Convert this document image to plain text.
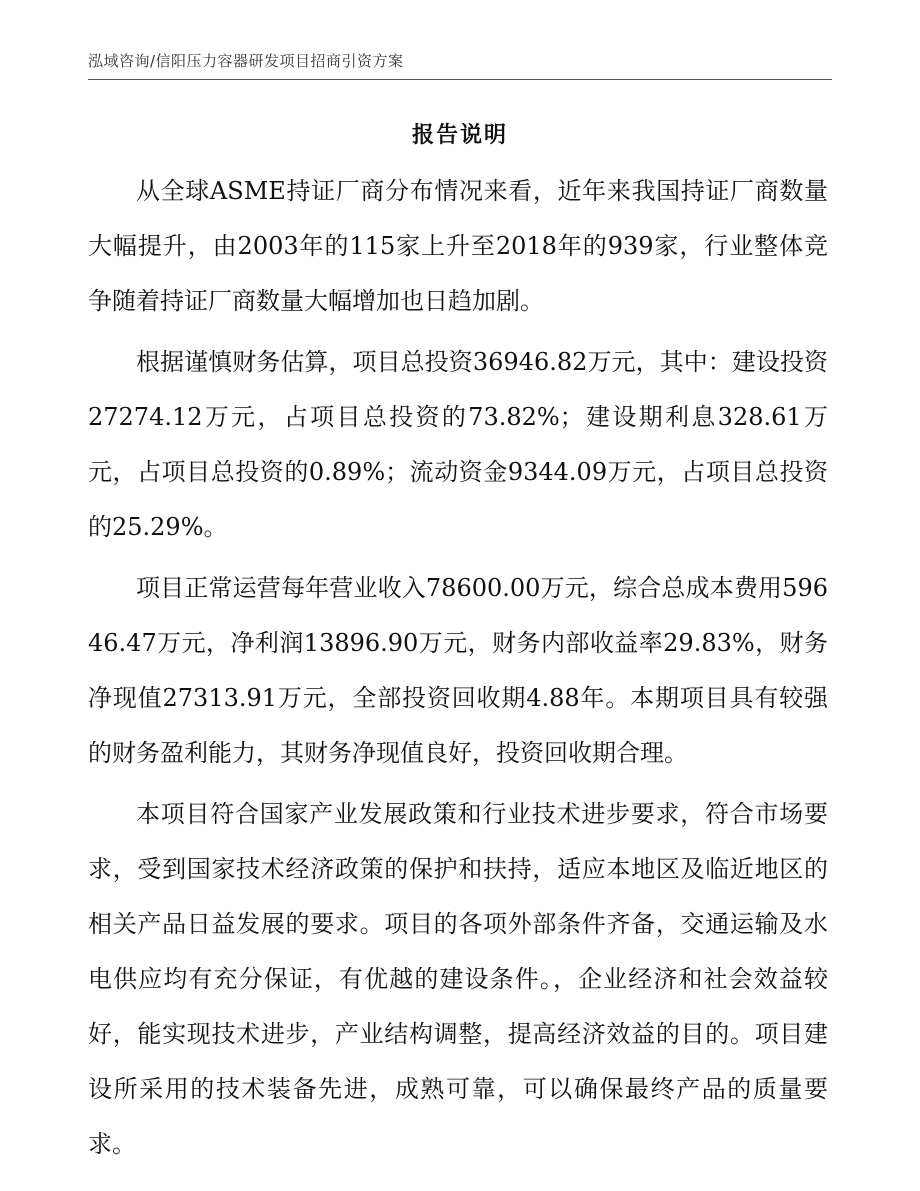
泓域咨询/信阳压力容器研发项目招商引资方案
报告说明

从全球ASME持证厂商分布情况来看，近年来我国持证厂商数量大幅提升，由2003年的115家上升至2018年的939家，行业整体竞争随着持证厂商数量大幅增加也日趋加剧。

根据谨慎财务估算，项目总投资36946.82万元，其中：建设投资27274.12万元，占项目总投资的73.82%；建设期利息328.61万元，占项目总投资的0.89%；流动资金9344.09万元，占项目总投资的25.29%。

项目正常运营每年营业收入78600.00万元，综合总成本费用59646.47万元，净利润13896.90万元，财务内部收益率29.83%，财务净现值27313.91万元，全部投资回收期4.88年。本期项目具有较强的财务盈利能力，其财务净现值良好，投资回收期合理。

本项目符合国家产业发展政策和行业技术进步要求，符合市场要求，受到国家技术经济政策的保护和扶持，适应本地区及临近地区的相关产品日益发展的要求。项目的各项外部条件齐备，交通运输及水电供应均有充分保证，有优越的建设条件。，企业经济和社会效益较好，能实现技术进步，产业结构调整，提高经济效益的目的。项目建设所采用的技术装备先进，成熟可靠，可以确保最终产品的质量要求。
